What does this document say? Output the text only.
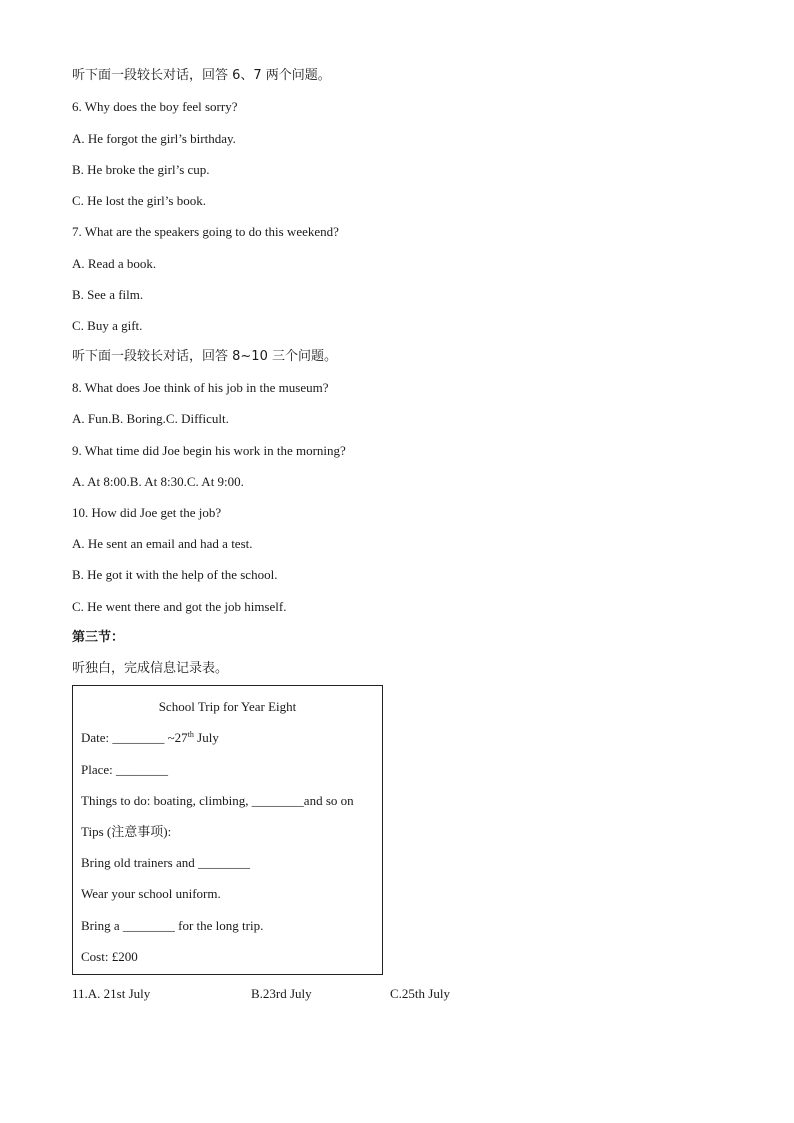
听下面一段较长对话，回答 6、7 两个问题。
6. Why does the boy feel sorry?
A. He forgot the girl’s birthday.
B. He broke the girl’s cup.
C. He lost the girl’s book.
7. What are the speakers going to do this weekend?
A. Read a book.
B. See a film.
C. Buy a gift.
听下面一段较长对话，回答 8~10 三个问题。
8. What does Joe think of his job in the museum?
A. Fun.B. Boring.C. Difficult.
9. What time did Joe begin his work in the morning?
A. At 8:00.B. At 8:30.C. At 9:00.
10. How did Joe get the job?
A. He sent an email and had a test.
B. He got it with the help of the school.
C. He went there and got the job himself.
第三节：
听独白，完成信息记录表。
School Trip for Year Eight
Date: ________ ~27th July
Place: ________
Things to do: boating, climbing, ________and so on
Tips (注意事项):
Bring old trainers and ________
Wear your school uniform.
Bring a ________ for the long trip.
Cost: £200
11.A. 21st July	B.23rd July	C.25th July
